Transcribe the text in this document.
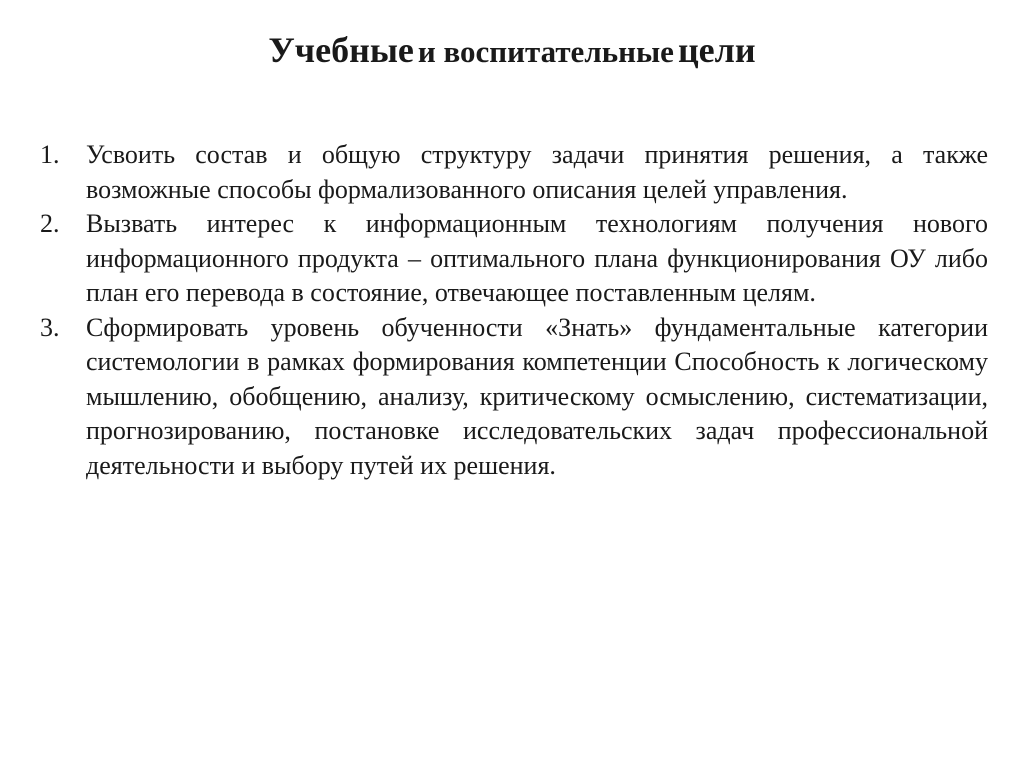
Учебные и воспитательные цели
1. Усвоить состав и общую структуру задачи принятия решения, а также возможные способы формализованного описания целей управления.
2. Вызвать интерес к информационным технологиям получения нового информационного продукта – оптимального плана функционирования ОУ либо план его перевода в состояние, отвечающее поставленным целям.
3. Сформировать уровень обученности «Знать» фундаментальные категории системологии в рамках формирования компетенции Способность к логическому мышлению, обобщению, анализу, критическому осмыслению, систематизации, прогнозированию, постановке исследовательских задач профессиональной деятельности и выбору путей их решения.
